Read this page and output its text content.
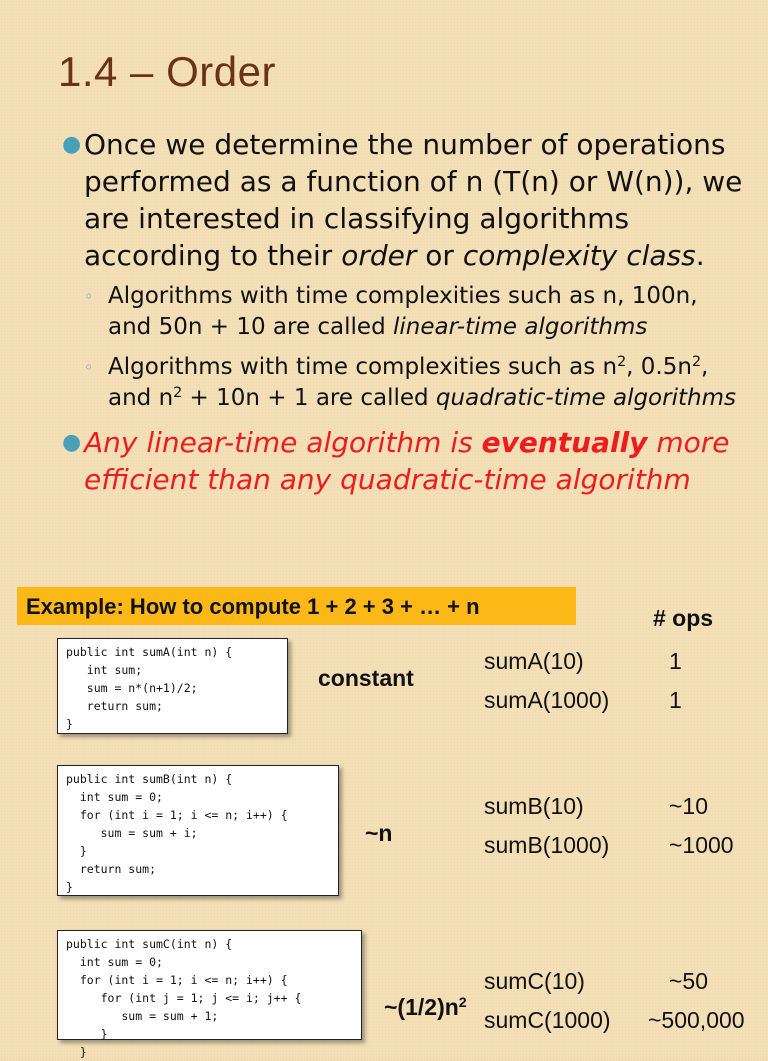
1.4 – Order
● Once we determine the number of operations performed as a function of n (T(n) or W(n)), we are interested in classifying algorithms according to their order or complexity class.
◦ Algorithms with time complexities such as n, 100n, and 50n + 10 are called linear-time algorithms
◦ Algorithms with time complexities such as $n^2$, $0.5n^2$, and $n^2 + 10n + 1$ are called quadratic-time algorithms
● Any linear-time algorithm is eventually more efficient than any quadratic-time algorithm
Example: How to compute 1 + 2 + 3 + … + n	# ops
public int sumA(int n) {
int sum;
sum = n*(n+1)/2;
return sum;
}
public int sumB(int n) {
int sum = 0;
for (int i = 1; i <= n; i++) {
sum = sum + i;
}
return sum;
}
public int sumC(int n) {
int sum = 0;
for (int i = 1; i <= n; i++) {
for (int j = 1; j <= i; j++ {
sum = sum + 1;
}
}
constant
~n
$\sim(1/2)n^2$
sumA(10)	1
sumA(1000)	1
sumB(10)	~10
sumB(1000)	~1000
sumC(10)	~50
sumC(1000) ~500,000
